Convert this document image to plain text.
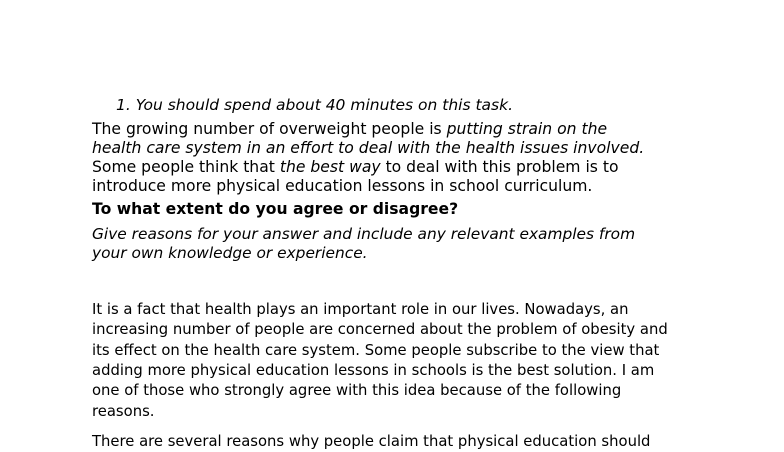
1. You should spend about 40 minutes on this task.

The growing number of overweight people is putting strain on the

health care system in an effort to deal with the health issues involved.

Some people think that the best way to deal with this problem is to

introduce more physical education lessons in school curriculum.

To what extent do you agree or disagree?

Give reasons for your answer and include any relevant examples from

your own knowledge or experience.

It is a fact that health plays an important role in our lives. Nowadays, an

increasing number of people are concerned about the problem of obesity and

its effect on the health care system. Some people subscribe to the view that

adding more physical education lessons in schools is the best solution. I am

one of those who strongly agree with this idea because of the following

reasons.

There are several reasons why people claim that physical education should
